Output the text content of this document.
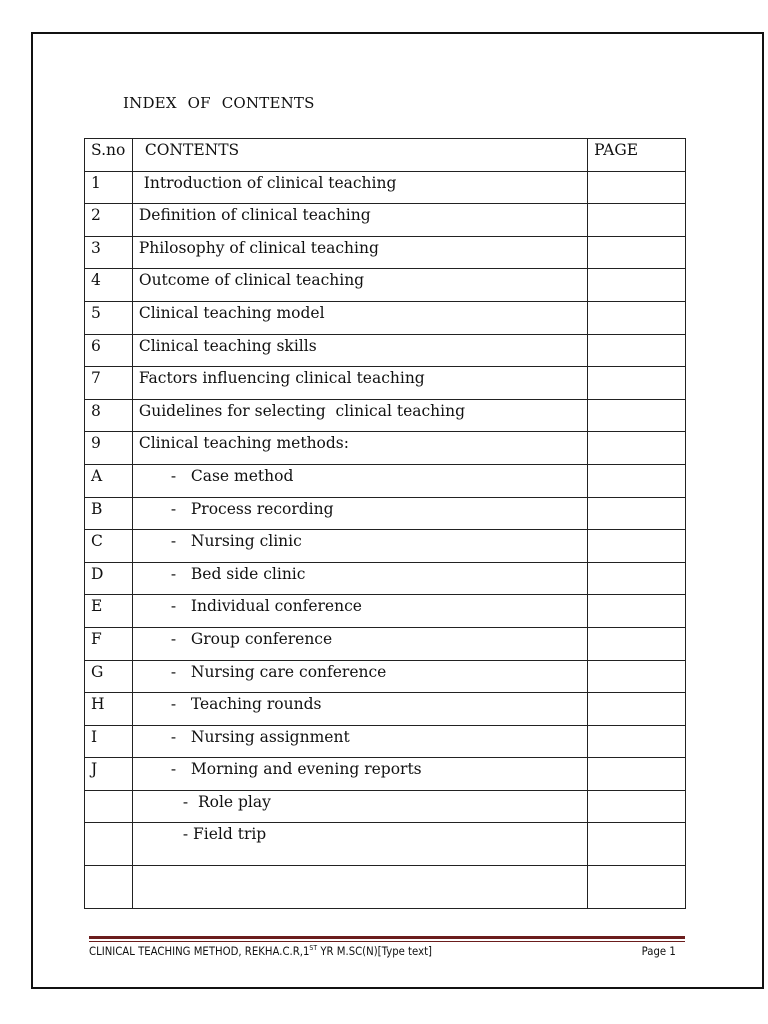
INDEX OF CONTENTS
S.no	CONTENTS	PAGE
1	Introduction of clinical teaching	
2	Definition of clinical teaching	
3	Philosophy of clinical teaching	
4	Outcome of clinical teaching	
5	Clinical teaching model	
6	Clinical teaching skills	
7	Factors influencing clinical teaching	
8	Guidelines for selecting  clinical teaching	
9	Clinical teaching methods:	
A	-   Case method	
B	-   Process recording	
C	-   Nursing clinic	
D	-   Bed side clinic	
E	-   Individual conference	
F	-   Group conference	
G	-   Nursing care conference	
H	-   Teaching rounds	
I	-   Nursing assignment	
J	-   Morning and evening reports	
	-  Role play	
	- Field trip	

CLINICAL TEACHING METHOD, REKHA.C.R,1ST YR M.SC(N)[Type text]	Page 1
